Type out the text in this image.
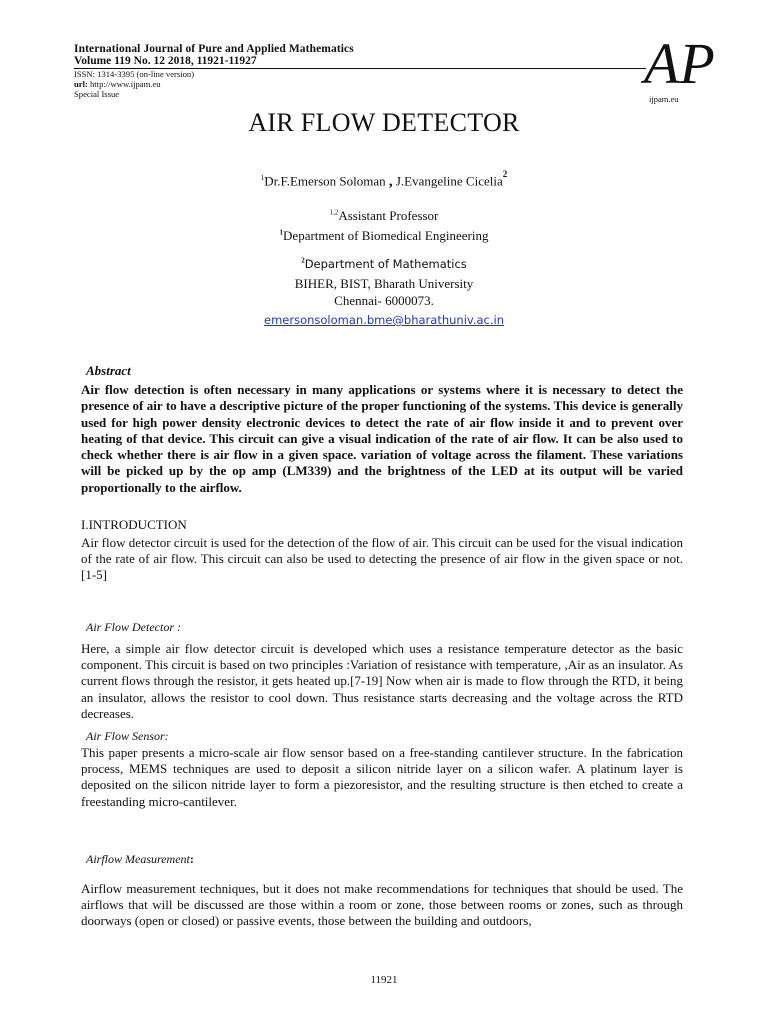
International Journal of Pure and Applied Mathematics
Volume 119 No. 12 2018, 11921-11927
ISSN: 1314-3395 (on-line version)
url: http://www.ijpam.eu
Special Issue	AP
ijpam.eu
AIR FLOW DETECTOR
$^1$Dr.F.Emerson Soloman , J.Evangeline Cicelia$^2$
$^{1,2}$Assistant Professor
$^1$Department of Biomedical Engineering
$^2$Department of Mathematics
BIHER, BIST, Bharath University
Chennai- 6000073.
emersonsoloman.bme@bharathuniv.ac.in
Abstract
Air flow detection is often necessary in many applications or systems where it is necessary to detect the presence of air to have a descriptive picture of the proper functioning of the systems. This device is generally used for high power density electronic devices to detect the rate of air flow inside it and to prevent over heating of that device. This circuit can give a visual indication of the rate of air flow. It can be also used to check whether there is air flow in a given space. variation of voltage across the filament. These variations will be picked up by the op amp (LM339) and the brightness of the LED at its output will be varied proportionally to the airflow.
I.INTRODUCTION
Air flow detector circuit is used for the detection of the flow of air. This circuit can be used for the visual indication of the rate of air flow. This circuit can also be used to detecting the presence of air flow in the given space or not.[1-5]
Air Flow Detector :
Here, a simple air flow detector circuit is developed which uses a resistance temperature detector as the basic component. This circuit is based on two principles :Variation of resistance with temperature, ,Air as an insulator. As current flows through the resistor, it gets heated up.[7-19] Now when air is made to flow through the RTD, it being an insulator, allows the resistor to cool down. Thus resistance starts decreasing and the voltage across the RTD decreases.
Air Flow Sensor:
This paper presents a micro-scale air flow sensor based on a free-standing cantilever structure. In the fabrication process, MEMS techniques are used to deposit a silicon nitride layer on a silicon wafer. A platinum layer is deposited on the silicon nitride layer to form a piezoresistor, and the resulting structure is then etched to create a freestanding micro-cantilever.
Airflow Measurement:
Airflow measurement techniques, but it does not make recommendations for techniques that should be used. The airflows that will be discussed are those within a room or zone, those between rooms or zones, such as through doorways (open or closed) or passive events, those between the building and outdoors,
11921
